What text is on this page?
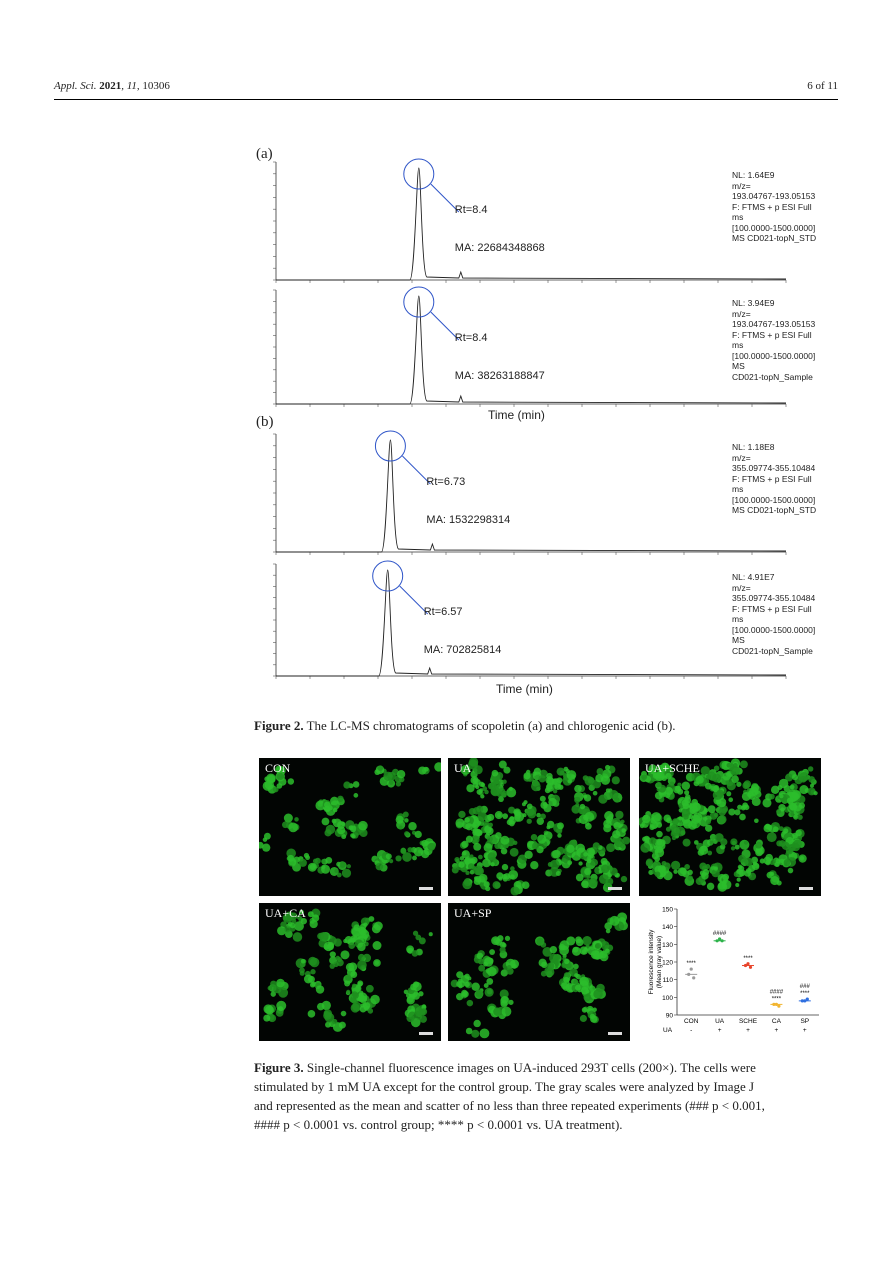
Appl. Sci. 2021, 11, 10306	6 of 11
(a)
(b)	Time (min)
Time (min)
Rt=8.4
MA: 22684348868
NL: 1.64E9
m/z=
193.04767-193.05153
F: FTMS + p ESI Full
ms
[100.0000-1500.0000]
MS CD021-topN_STD
Rt=8.4
MA: 38263188847
NL: 3.94E9
m/z=
193.04767-193.05153
F: FTMS + p ESI Full
ms
[100.0000-1500.0000]
MS
CD021-topN_Sample
Rt=6.73
MA: 1532298314
NL: 1.18E8
m/z=
355.09774-355.10484
F: FTMS + p ESI Full
ms
[100.0000-1500.0000]
MS CD021-topN_STD
Rt=6.57
MA: 702825814
NL: 4.91E7
m/z=
355.09774-355.10484
F: FTMS + p ESI Full
ms
[100.0000-1500.0000]
MS
CD021-topN_Sample
Figure 2. The LC-MS chromatograms of scopoletin (a) and chlorogenic acid (b).
CON	UA	UA+SCHE
UA+CA	UA+SP
90
100
110
120
130
140
150
Fluorescence intensity(Mean gray value)
CON
-
UA
+
SCHE
+
CA
+
SP
+
UA
****
###
****
####
****
####
****
Figure 3. Single-channel fluorescence images on UA-induced 293T cells (200×). The cells were
stimulated by 1 mM UA except for the control group. The gray scales were analyzed by Image J
and represented as the mean and scatter of no less than three repeated experiments (### p < 0.001,
#### p < 0.0001 vs. control group; **** p < 0.0001 vs. UA treatment).
